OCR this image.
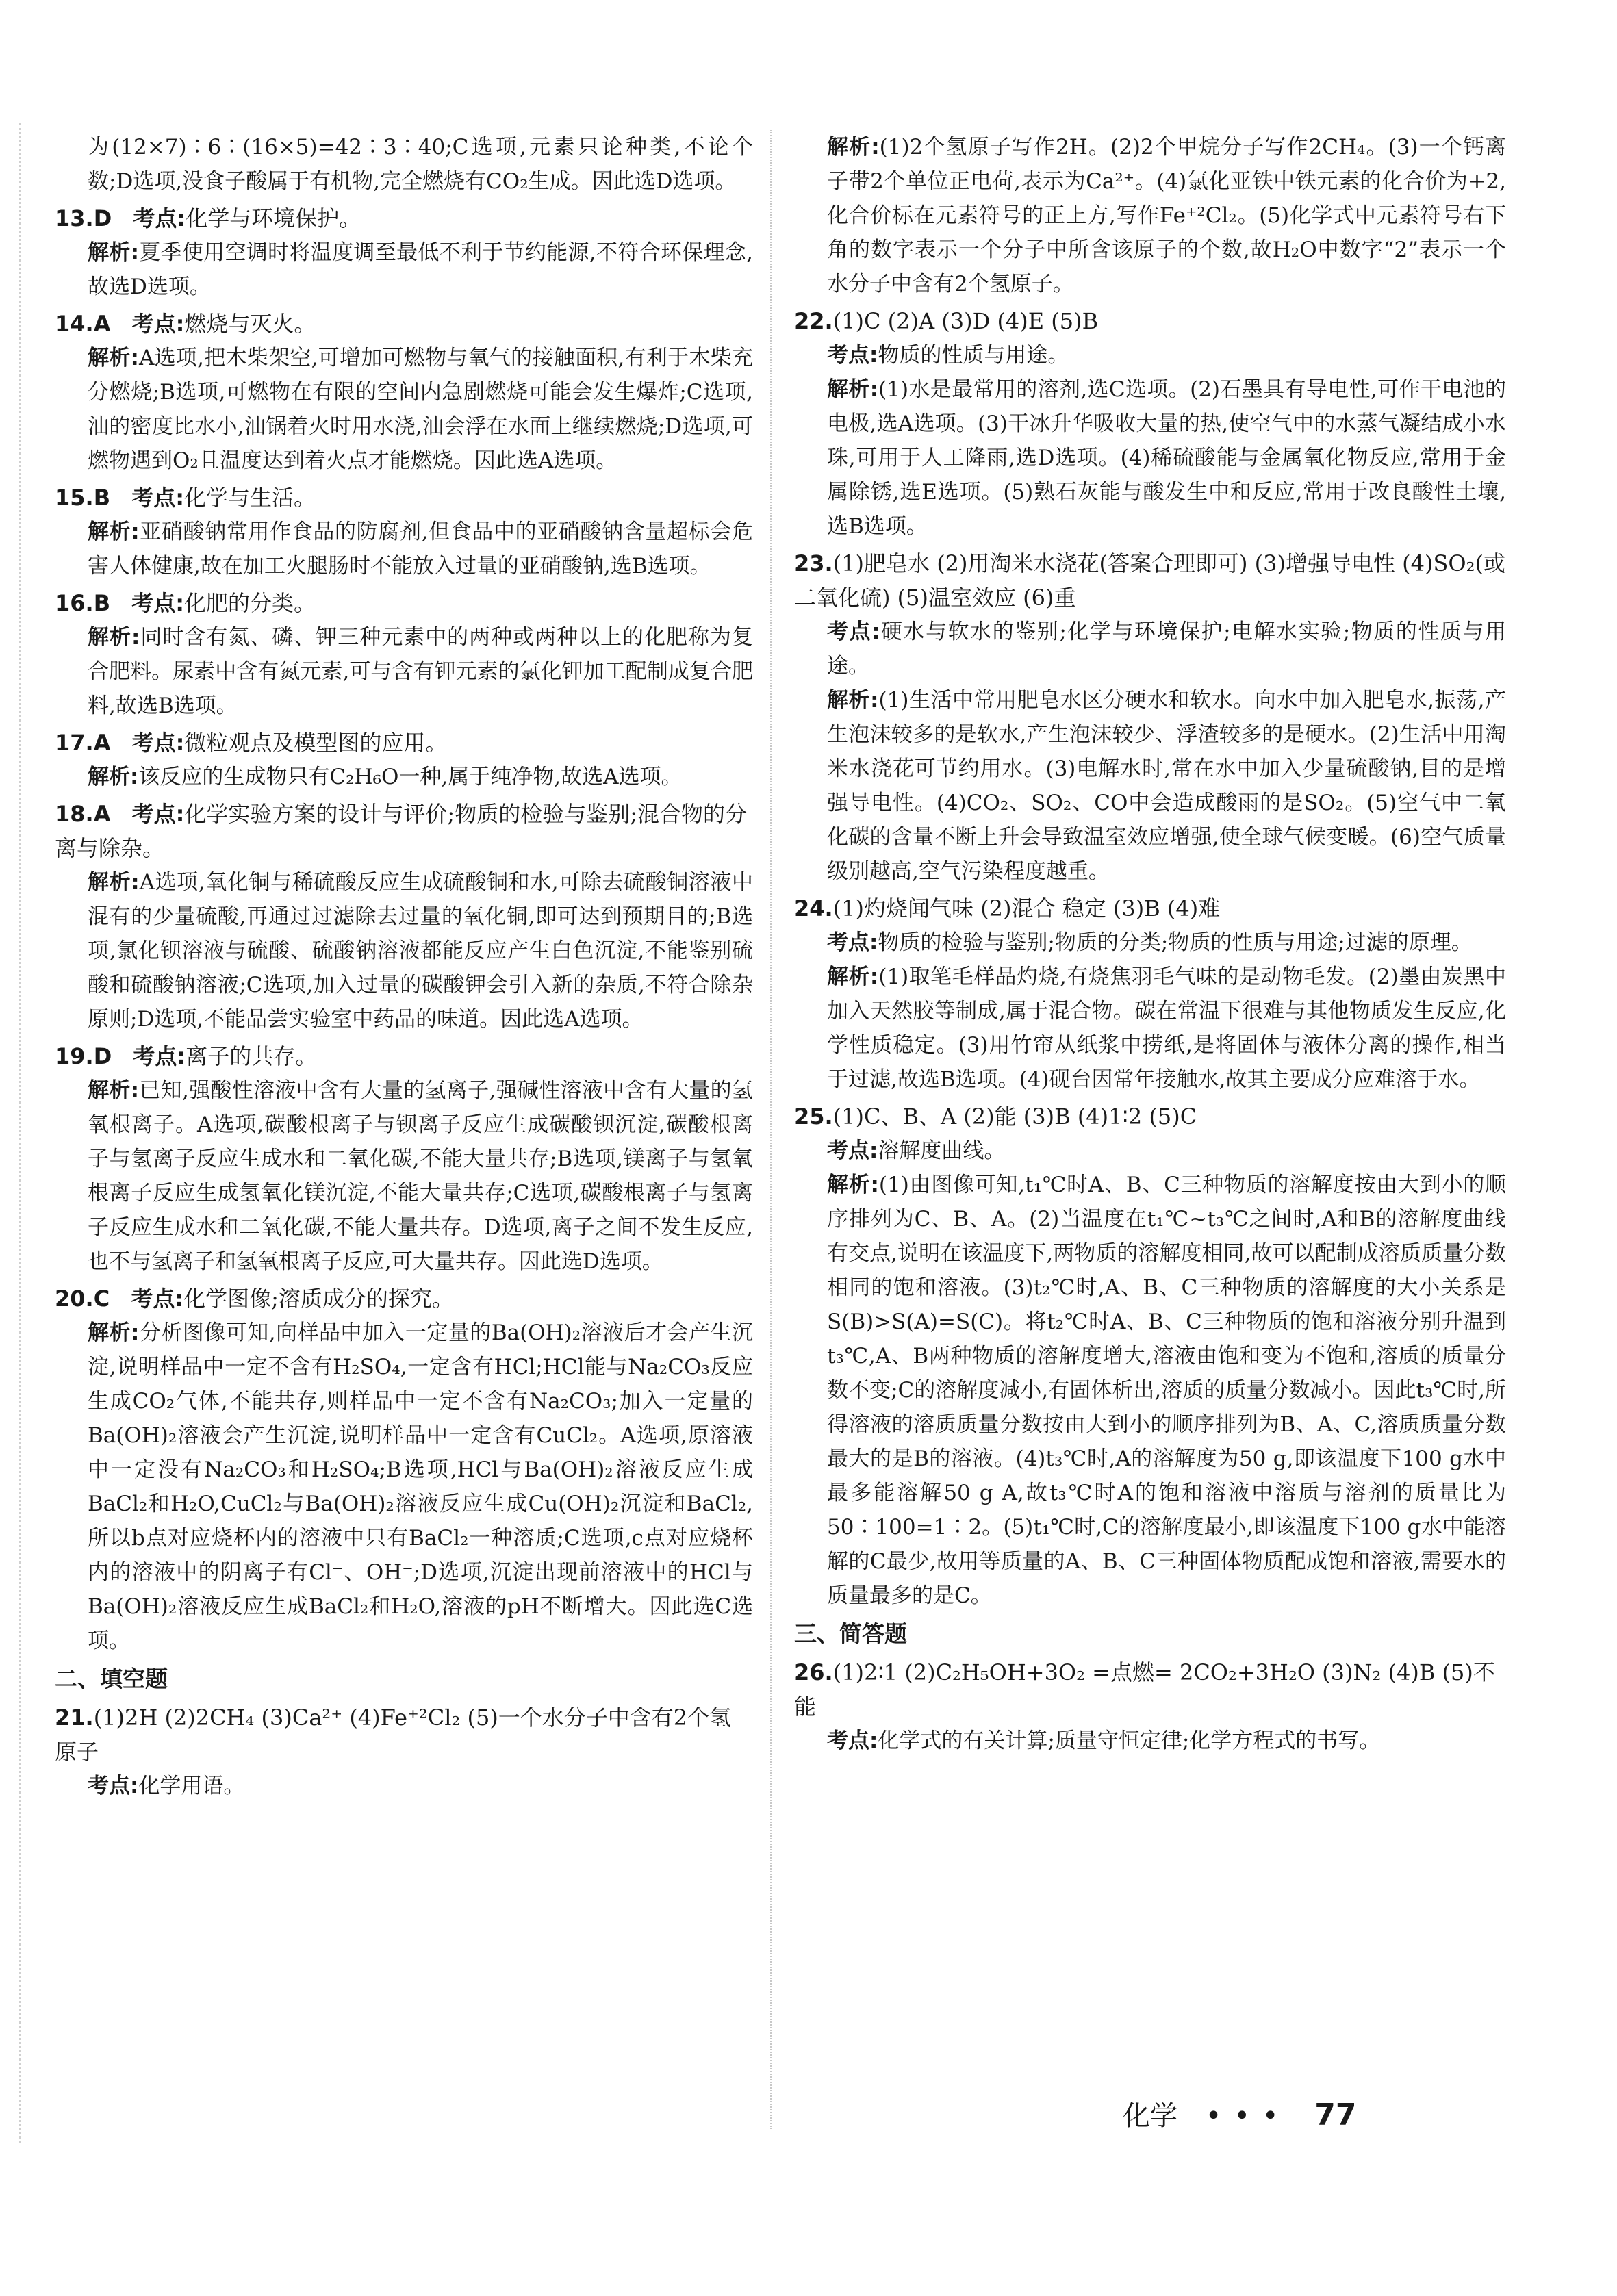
为(12×7)∶6∶(16×5)=42∶3∶40;C选项,元素只论种类,不论个数;D选项,没食子酸属于有机物,完全燃烧有CO₂生成。因此选D选项。
13.D 考点:化学与环境保护。
解析:夏季使用空调时将温度调至最低不利于节约能源,不符合环保理念,故选D选项。
14.A 考点:燃烧与灭火。
解析:A选项,把木柴架空,可增加可燃物与氧气的接触面积,有利于木柴充分燃烧;B选项,可燃物在有限的空间内急剧燃烧可能会发生爆炸;C选项,油的密度比水小,油锅着火时用水浇,油会浮在水面上继续燃烧;D选项,可燃物遇到O₂且温度达到着火点才能燃烧。因此选A选项。
15.B 考点:化学与生活。
解析:亚硝酸钠常用作食品的防腐剂,但食品中的亚硝酸钠含量超标会危害人体健康,故在加工火腿肠时不能放入过量的亚硝酸钠,选B选项。
16.B 考点:化肥的分类。
解析:同时含有氮、磷、钾三种元素中的两种或两种以上的化肥称为复合肥料。尿素中含有氮元素,可与含有钾元素的氯化钾加工配制成复合肥料,故选B选项。
17.A 考点:微粒观点及模型图的应用。
解析:该反应的生成物只有C₂H₆O一种,属于纯净物,故选A选项。
18.A 考点:化学实验方案的设计与评价;物质的检验与鉴别;混合物的分离与除杂。
解析:A选项,氧化铜与稀硫酸反应生成硫酸铜和水,可除去硫酸铜溶液中混有的少量硫酸,再通过过滤除去过量的氧化铜,即可达到预期目的;B选项,氯化钡溶液与硫酸、硫酸钠溶液都能反应产生白色沉淀,不能鉴别硫酸和硫酸钠溶液;C选项,加入过量的碳酸钾会引入新的杂质,不符合除杂原则;D选项,不能品尝实验室中药品的味道。因此选A选项。
19.D 考点:离子的共存。
解析:已知,强酸性溶液中含有大量的氢离子,强碱性溶液中含有大量的氢氧根离子。A选项,碳酸根离子与钡离子反应生成碳酸钡沉淀,碳酸根离子与氢离子反应生成水和二氧化碳,不能大量共存;B选项,镁离子与氢氧根离子反应生成氢氧化镁沉淀,不能大量共存;C选项,碳酸根离子与氢离子反应生成水和二氧化碳,不能大量共存。D选项,离子之间不发生反应,也不与氢离子和氢氧根离子反应,可大量共存。因此选D选项。
20.C 考点:化学图像;溶质成分的探究。
解析:分析图像可知,向样品中加入一定量的Ba(OH)₂溶液后才会产生沉淀,说明样品中一定不含有H₂SO₄,一定含有HCl;HCl能与Na₂CO₃反应生成CO₂气体,不能共存,则样品中一定不含有Na₂CO₃;加入一定量的Ba(OH)₂溶液会产生沉淀,说明样品中一定含有CuCl₂。A选项,原溶液中一定没有Na₂CO₃和H₂SO₄;B选项,HCl与Ba(OH)₂溶液反应生成BaCl₂和H₂O,CuCl₂与Ba(OH)₂溶液反应生成Cu(OH)₂沉淀和BaCl₂,所以b点对应烧杯内的溶液中只有BaCl₂一种溶质;C选项,c点对应烧杯内的溶液中的阴离子有Cl⁻、OH⁻;D选项,沉淀出现前溶液中的HCl与Ba(OH)₂溶液反应生成BaCl₂和H₂O,溶液的pH不断增大。因此选C选项。
二、填空题
21.(1)2H (2)2CH₄ (3)Ca²⁺ (4)Fe⁺²Cl₂ (5)一个水分子中含有2个氢原子
考点:化学用语。
解析:(1)2个氢原子写作2H。(2)2个甲烷分子写作2CH₄。(3)一个钙离子带2个单位正电荷,表示为Ca²⁺。(4)氯化亚铁中铁元素的化合价为+2,化合价标在元素符号的正上方,写作Fe⁺²Cl₂。(5)化学式中元素符号右下角的数字表示一个分子中所含该原子的个数,故H₂O中数字“2”表示一个水分子中含有2个氢原子。
22.(1)C (2)A (3)D (4)E (5)B
考点:物质的性质与用途。
解析:(1)水是最常用的溶剂,选C选项。(2)石墨具有导电性,可作干电池的电极,选A选项。(3)干冰升华吸收大量的热,使空气中的水蒸气凝结成小水珠,可用于人工降雨,选D选项。(4)稀硫酸能与金属氧化物反应,常用于金属除锈,选E选项。(5)熟石灰能与酸发生中和反应,常用于改良酸性土壤,选B选项。
23.(1)肥皂水 (2)用淘米水浇花(答案合理即可) (3)增强导电性 (4)SO₂(或二氧化硫) (5)温室效应 (6)重
考点:硬水与软水的鉴别;化学与环境保护;电解水实验;物质的性质与用途。
解析:(1)生活中常用肥皂水区分硬水和软水。向水中加入肥皂水,振荡,产生泡沫较多的是软水,产生泡沫较少、浮渣较多的是硬水。(2)生活中用淘米水浇花可节约用水。(3)电解水时,常在水中加入少量硫酸钠,目的是增强导电性。(4)CO₂、SO₂、CO中会造成酸雨的是SO₂。(5)空气中二氧化碳的含量不断上升会导致温室效应增强,使全球气候变暖。(6)空气质量级别越高,空气污染程度越重。
24.(1)灼烧闻气味 (2)混合 稳定 (3)B (4)难
考点:物质的检验与鉴别;物质的分类;物质的性质与用途;过滤的原理。
解析:(1)取笔毛样品灼烧,有烧焦羽毛气味的是动物毛发。(2)墨由炭黑中加入天然胶等制成,属于混合物。碳在常温下很难与其他物质发生反应,化学性质稳定。(3)用竹帘从纸浆中捞纸,是将固体与液体分离的操作,相当于过滤,故选B选项。(4)砚台因常年接触水,故其主要成分应难溶于水。
25.(1)C、B、A (2)能 (3)B (4)1∶2 (5)C
考点:溶解度曲线。
解析:(1)由图像可知,t₁℃时A、B、C三种物质的溶解度按由大到小的顺序排列为C、B、A。(2)当温度在t₁℃~t₃℃之间时,A和B的溶解度曲线有交点,说明在该温度下,两物质的溶解度相同,故可以配制成溶质质量分数相同的饱和溶液。(3)t₂℃时,A、B、C三种物质的溶解度的大小关系是S(B)>S(A)=S(C)。将t₂℃时A、B、C三种物质的饱和溶液分别升温到t₃℃,A、B两种物质的溶解度增大,溶液由饱和变为不饱和,溶质的质量分数不变;C的溶解度减小,有固体析出,溶质的质量分数减小。因此t₃℃时,所得溶液的溶质质量分数按由大到小的顺序排列为B、A、C,溶质质量分数最大的是B的溶液。(4)t₃℃时,A的溶解度为50 g,即该温度下100 g水中最多能溶解50 g A,故t₃℃时A的饱和溶液中溶质与溶剂的质量比为50∶100=1∶2。(5)t₁℃时,C的溶解度最小,即该温度下100 g水中能溶解的C最少,故用等质量的A、B、C三种固体物质配成饱和溶液,需要水的质量最多的是C。
三、简答题
26.(1)2∶1 (2)C₂H₅OH+3O₂ =点燃= 2CO₂+3H₂O (3)N₂ (4)B (5)不能
考点:化学式的有关计算;质量守恒定律;化学方程式的书写。
化学 ••• 77
